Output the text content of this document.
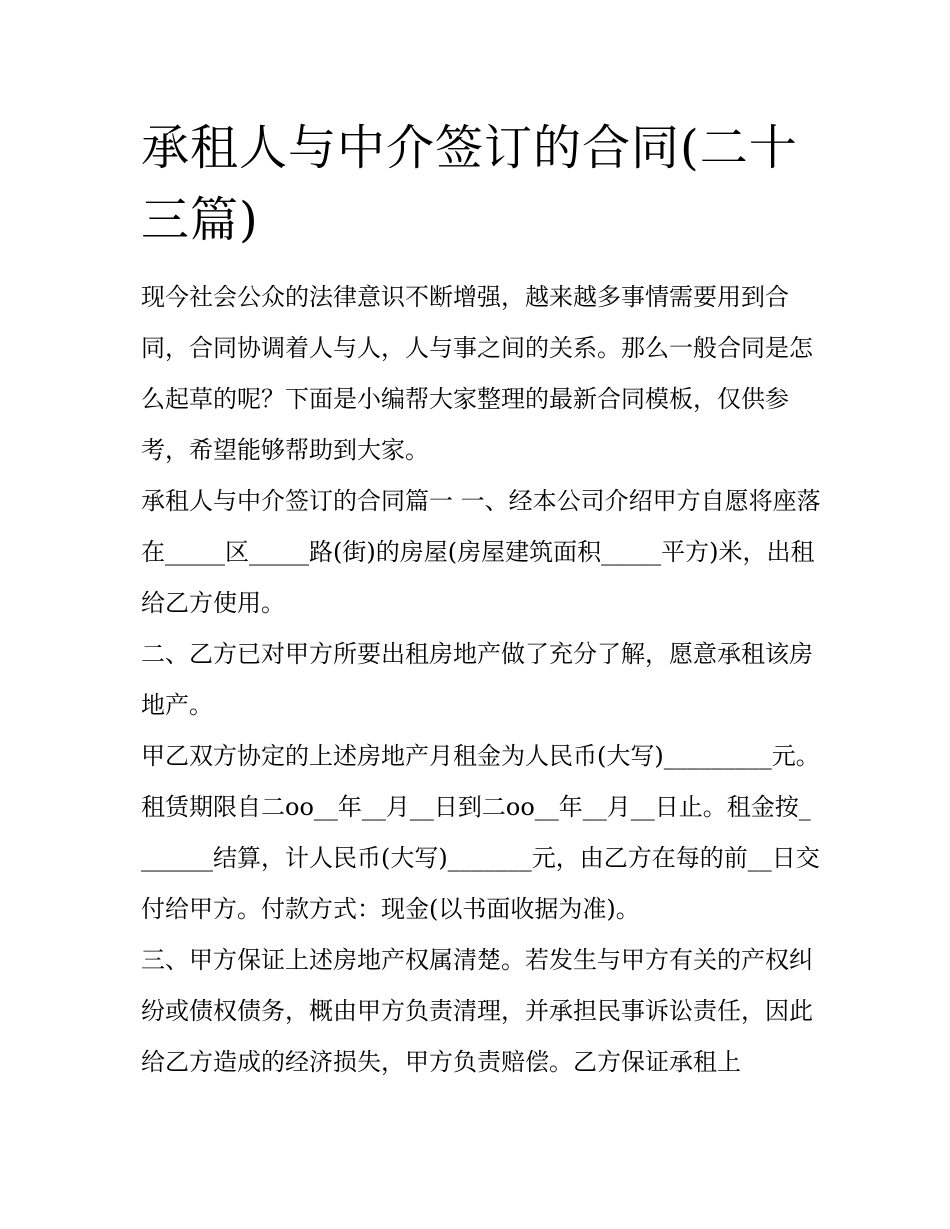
承租人与中介签订的合同(二十三篇)

现今社会公众的法律意识不断增强，越来越多事情需要用到合同，合同协调着人与人，人与事之间的关系。那么一般合同是怎么起草的呢？下面是小编帮大家整理的最新合同模板，仅供参考，希望能够帮助到大家。

承租人与中介签订的合同篇一 一、经本公司介绍甲方自愿将座落在_____区_____路(街)的房屋(房屋建筑面积_____平方)米，出租给乙方使用。

二、乙方已对甲方所要出租房地产做了充分了解，愿意承租该房地产。

甲乙双方协定的上述房地产月租金为人民币(大写)_________元。租赁期限自二oo__年__月__日到二oo__年__月__日止。租金按_______结算，计人民币(大写)_______元，由乙方在每的前__日交付给甲方。付款方式：现金(以书面收据为准)。

三、甲方保证上述房地产权属清楚。若发生与甲方有关的产权纠纷或债权债务，概由甲方负责清理，并承担民事诉讼责任，因此给乙方造成的经济损失，甲方负责赔偿。乙方保证承租上
